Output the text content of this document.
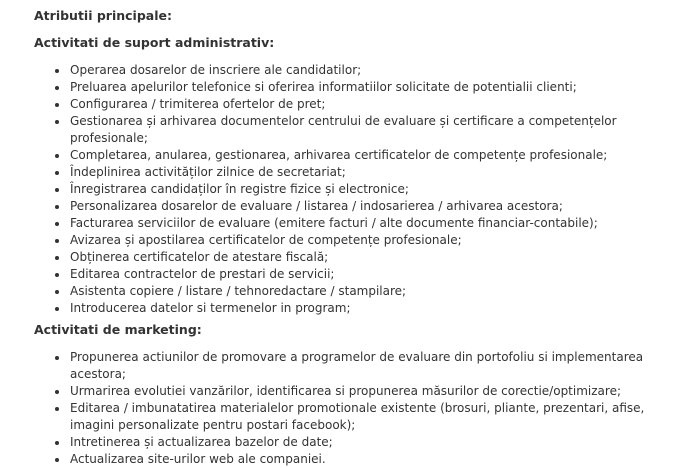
Atributii principale:

Activitati de suport administrativ:

Operarea dosarelor de inscriere ale candidatilor;
Preluarea apelurilor telefonice si oferirea informatiilor solicitate de potentialii clienti;
Configurarea / trimiterea ofertelor de pret;
Gestionarea și arhivarea documentelor centrului de evaluare și certificare a competențelor profesionale;
Completarea, anularea, gestionarea, arhivarea certificatelor de competențe profesionale;
Îndeplinirea activităților zilnice de secretariat;
Înregistrarea candidaților în registre fizice și electronice;
Personalizarea dosarelor de evaluare / listarea / indosarierea / arhivarea acestora;
Facturarea serviciilor de evaluare (emitere facturi / alte documente financiar-contabile);
Avizarea și apostilarea certificatelor de competențe profesionale;
Obținerea certificatelor de atestare fiscală;
Editarea contractelor de prestari de servicii;
Asistenta copiere / listare / tehnoredactare / stampilare;
Introducerea datelor si termenelor in program;

Activitati de marketing:

Propunerea actiunilor de promovare a programelor de evaluare din portofoliu si implementarea acestora;
Urmarirea evolutiei vanzărilor, identificarea si propunerea măsurilor de corectie/optimizare;
Editarea / imbunatatirea materialelor promotionale existente (brosuri, pliante, prezentari, afise, imagini personalizate pentru postari facebook);
Intretinerea și actualizarea bazelor de date;
Actualizarea site-urilor web ale companiei.
